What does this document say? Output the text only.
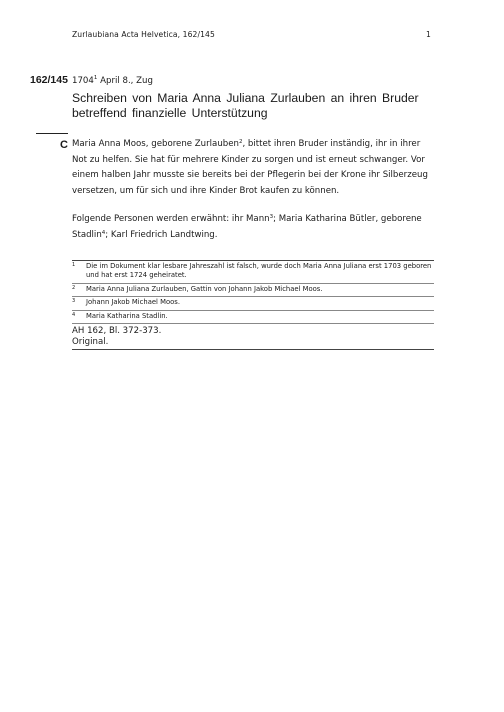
Zurlaubiana Acta Helvetica, 162/145	1
162/145 1704$^1$ April 8., Zug
Schreiben von Maria Anna Juliana Zurlauben an ihren Bruder betreffend finanzielle Unterstützung
C Maria Anna Moos, geborene Zurlauben$^2$, bittet ihren Bruder inständig, ihr in ihrer Not zu helfen. Sie hat für mehrere Kinder zu sorgen und ist erneut schwanger. Vor einem halben Jahr musste sie bereits bei der Pflegerin bei der Krone ihr Silberzeug versetzen, um für sich und ihre Kinder Brot kaufen zu können.
Folgende Personen werden erwähnt: ihr Mann$^3$; Maria Katharina Bütler, geborene Stadlin$^4$; Karl Friedrich Landtwing.
1 Die im Dokument klar lesbare Jahreszahl ist falsch, wurde doch Maria Anna Juliana erst 1703 geboren und hat erst 1724 geheiratet.
2 Maria Anna Juliana Zurlauben, Gattin von Johann Jakob Michael Moos.
3 Johann Jakob Michael Moos.
4 Maria Katharina Stadlin.
AH 162, Bl. 372-373.
Original.
